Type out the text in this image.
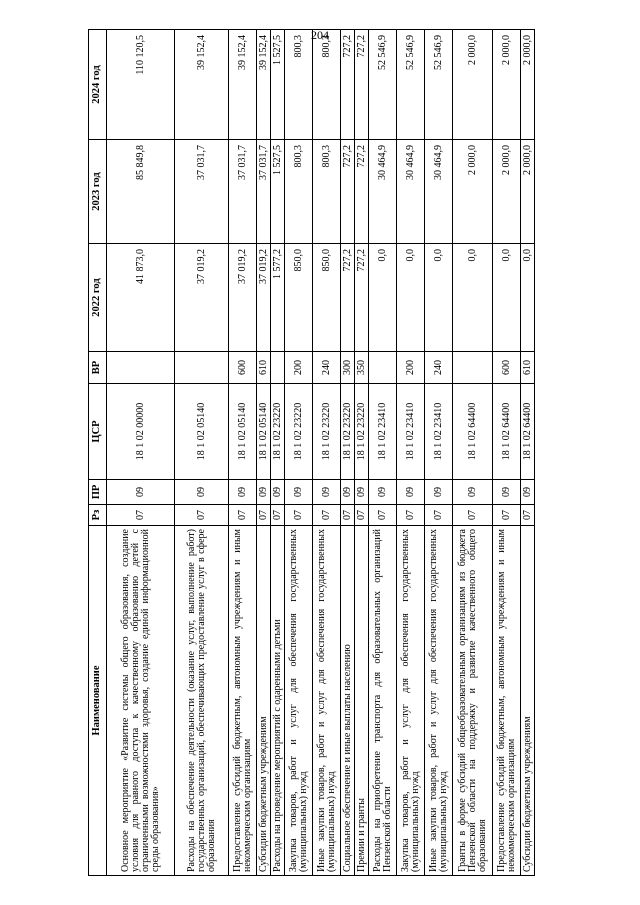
204
Наименование	Рз	ПР	ЦСР	ВР	2022 год	2023 год	2024 год
Основное мероприятие «Развитие системы общего образования, создание условия для равного доступа к качественному образованию детей с ограниченными возможностями здоровья, создание единой информационной среды образования»	07	09	18 1 02 00000		41 873,0	85 849,8	110 120,5
Расходы на обеспечение деятельности (оказание услуг, выполнение работ) государственных организаций, обеспечивающих предоставление услуг в сфере образования	07	09	18 1 02 05140		37 019,2	37 031,7	39 152,4
Предоставление субсидий бюджетным, автономным учреждениям и иным некоммерческим организациям	07	09	18 1 02 05140	600	37 019,2	37 031,7	39 152,4
Субсидии бюджетным учреждениям	07	09	18 1 02 05140	610	37 019,2	37 031,7	39 152,4
Расходы на проведение мероприятий с одаренными детьми	07	09	18 1 02 23220		1 577,2	1 527,5	1 527,5
Закупка товаров, работ и услуг для обеспечения государственных (муниципальных) нужд	07	09	18 1 02 23220	200	850,0	800,3	800,3
Иные закупки товаров, работ и услуг для обеспечения государственных (муниципальных) нужд	07	09	18 1 02 23220	240	850,0	800,3	800,3
Социальное обеспечение и иные выплаты населению	07	09	18 1 02 23220	300	727,2	727,2	727,2
Премии и гранты	07	09	18 1 02 23220	350	727,2	727,2	727,2
Расходы на приобретение транспорта для образовательных организаций Пензенской области	07	09	18 1 02 23410		0,0	30 464,9	52 546,9
Закупка товаров, работ и услуг для обеспечения государственных (муниципальных) нужд	07	09	18 1 02 23410	200	0,0	30 464,9	52 546,9
Иные закупки товаров, работ и услуг для обеспечения государственных (муниципальных) нужд	07	09	18 1 02 23410	240	0,0	30 464,9	52 546,9
Гранты в форме субсидий общеобразовательным организациям из бюджета Пензенской области на поддержку и развитие качественного общего образования	07	09	18 1 02 64400		0,0	2 000,0	2 000,0
Предоставление субсидий бюджетным, автономным учреждениям и иным некоммерческим организациям	07	09	18 1 02 64400	600	0,0	2 000,0	2 000,0
Субсидии бюджетным учреждениям	07	09	18 1 02 64400	610	0,0	2 000,0	2 000,0
